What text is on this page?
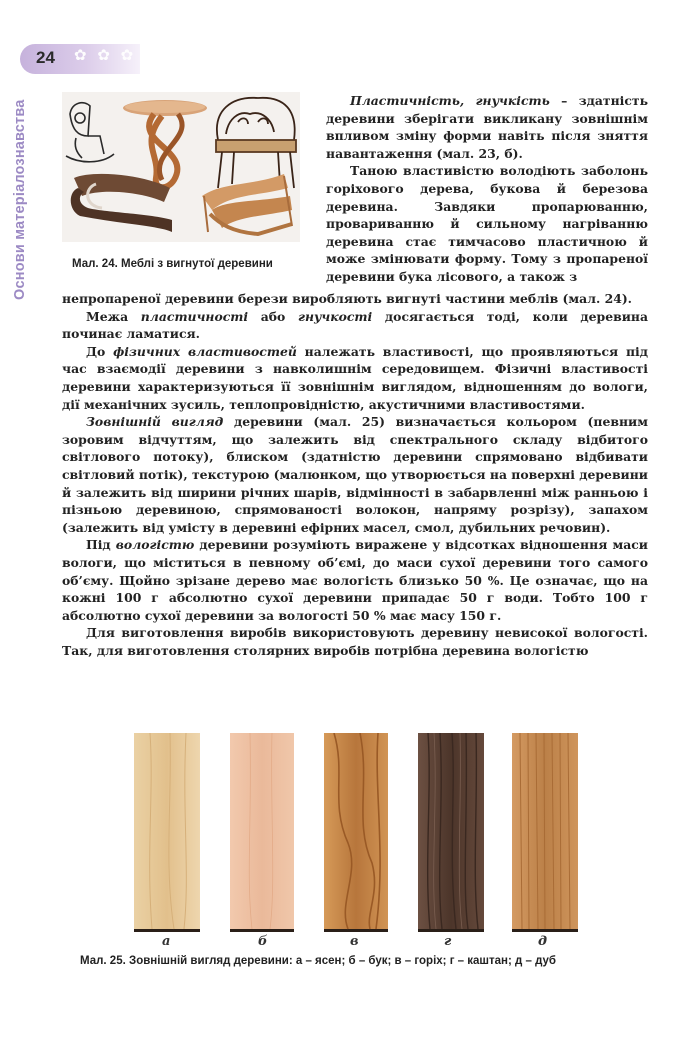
24 ✿ ✿ ✿
Основи матеріалознавства	Мал. 24. Меблі з вигнутої деревини

Пластичність, гнучкість – здатність деревини зберігати викликану зовнішнім впливом зміну форми навіть після зняття навантаження (мал. 23, б).

Таною властивістю володіють заболонь горіхового дерева, букова й березова деревина. Завдяки пропарюванню, провариванню й сильному нагріванню деревина стає тимчасово пластичною й може змінювати форму. Тому з пропареної деревини бука лісового, а також з

непропареної деревини берези виробляють вигнуті частини меблів (мал. 24).

Межа пластичності або гнучкості досягається тоді, коли деревина починає ламатися.

До фізичних властивостей належать властивості, що проявляються під час взаємодії деревини з навколишнім середовищем. Фізичні властивості деревини характеризуються її зовнішнім виглядом, відношенням до вологи, дії механічних зусиль, теплопровідністю, акустичними властивостями.

Зовнішній вигляд деревини (мал. 25) визначається кольором (певним зоровим відчуттям, що залежить від спектрального складу відбитого світлового потоку), блиском (здатністю деревини спрямовано відбивати світловий потік), текстурою (малюнком, що утворюється на поверхні деревини й залежить від ширини річних шарів, відмінності в забарвленні між ранньою і пізньою деревиною, спрямованості волокон, напряму розрізу), запахом (залежить від умісту в деревині ефірних масел, смол, дубильних речовин).

Під вологістю деревини розуміють виражене у відсотках відношення маси вологи, що міститься в певному об’ємі, до маси сухої деревини того самого об’єму. Щойно зрізане дерево має вологість близько 50 %. Це означає, що на кожні 100 г абсолютно сухої деревини припадає 50 г води. Тобто 100 г абсолютно сухої деревини за вологості 50 % має масу 150 г.

Для виготовлення виробів використовують деревину невисокої вологості. Так, для виготовлення столярних виробів потрібна деревина вологістю

а	б	в	г	д
Мал. 25. Зовнішній вигляд деревини: а – ясен; б – бук; в – горіх; г – каштан; д – дуб
